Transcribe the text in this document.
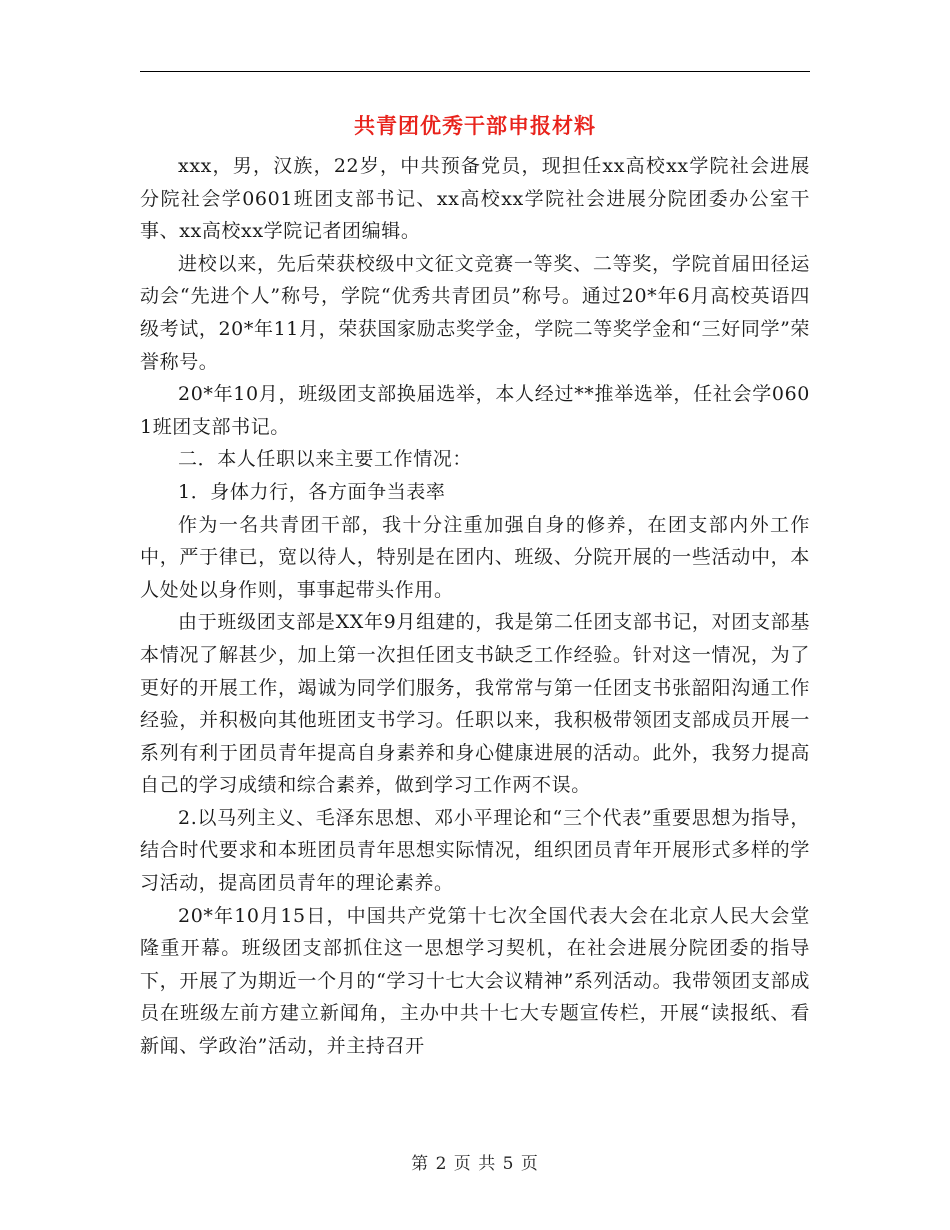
共青团优秀干部申报材料

xxx，男，汉族，22岁，中共预备党员，现担任xx高校xx学院社会进展分院社会学0601班团支部书记、xx高校xx学院社会进展分院团委办公室干事、xx高校xx学院记者团编辑。

进校以来，先后荣获校级中文征文竞赛一等奖、二等奖，学院首届田径运动会“先进个人”称号，学院“优秀共青团员”称号。通过20*年6月高校英语四级考试，20*年11月，荣获国家励志奖学金，学院二等奖学金和“三好同学”荣誉称号。

20*年10月，班级团支部换届选举，本人经过**推举选举，任社会学0601班团支部书记。

二．本人任职以来主要工作情况：

1．身体力行，各方面争当表率

作为一名共青团干部，我十分注重加强自身的修养，在团支部内外工作中，严于律已，宽以待人，特别是在团内、班级、分院开展的一些活动中，本人处处以身作则，事事起带头作用。

由于班级团支部是XX年9月组建的，我是第二任团支部书记，对团支部基本情况了解甚少，加上第一次担任团支书缺乏工作经验。针对这一情况，为了更好的开展工作，竭诚为同学们服务，我常常与第一任团支书张韶阳沟通工作经验，并积极向其他班团支书学习。任职以来，我积极带领团支部成员开展一系列有利于团员青年提高自身素养和身心健康进展的活动。此外，我努力提高自己的学习成绩和综合素养，做到学习工作两不误。

2.以马列主义、毛泽东思想、邓小平理论和“三个代表”重要思想为指导，结合时代要求和本班团员青年思想实际情况，组织团员青年开展形式多样的学习活动，提高团员青年的理论素养。

20*年10月15日，中国共产党第十七次全国代表大会在北京人民大会堂隆重开幕。班级团支部抓住这一思想学习契机，在社会进展分院团委的指导下，开展了为期近一个月的“学习十七大会议精神”系列活动。我带领团支部成员在班级左前方建立新闻角，主办中共十七大专题宣传栏，开展“读报纸、看新闻、学政治”活动，并主持召开

第 2 页 共 5 页
